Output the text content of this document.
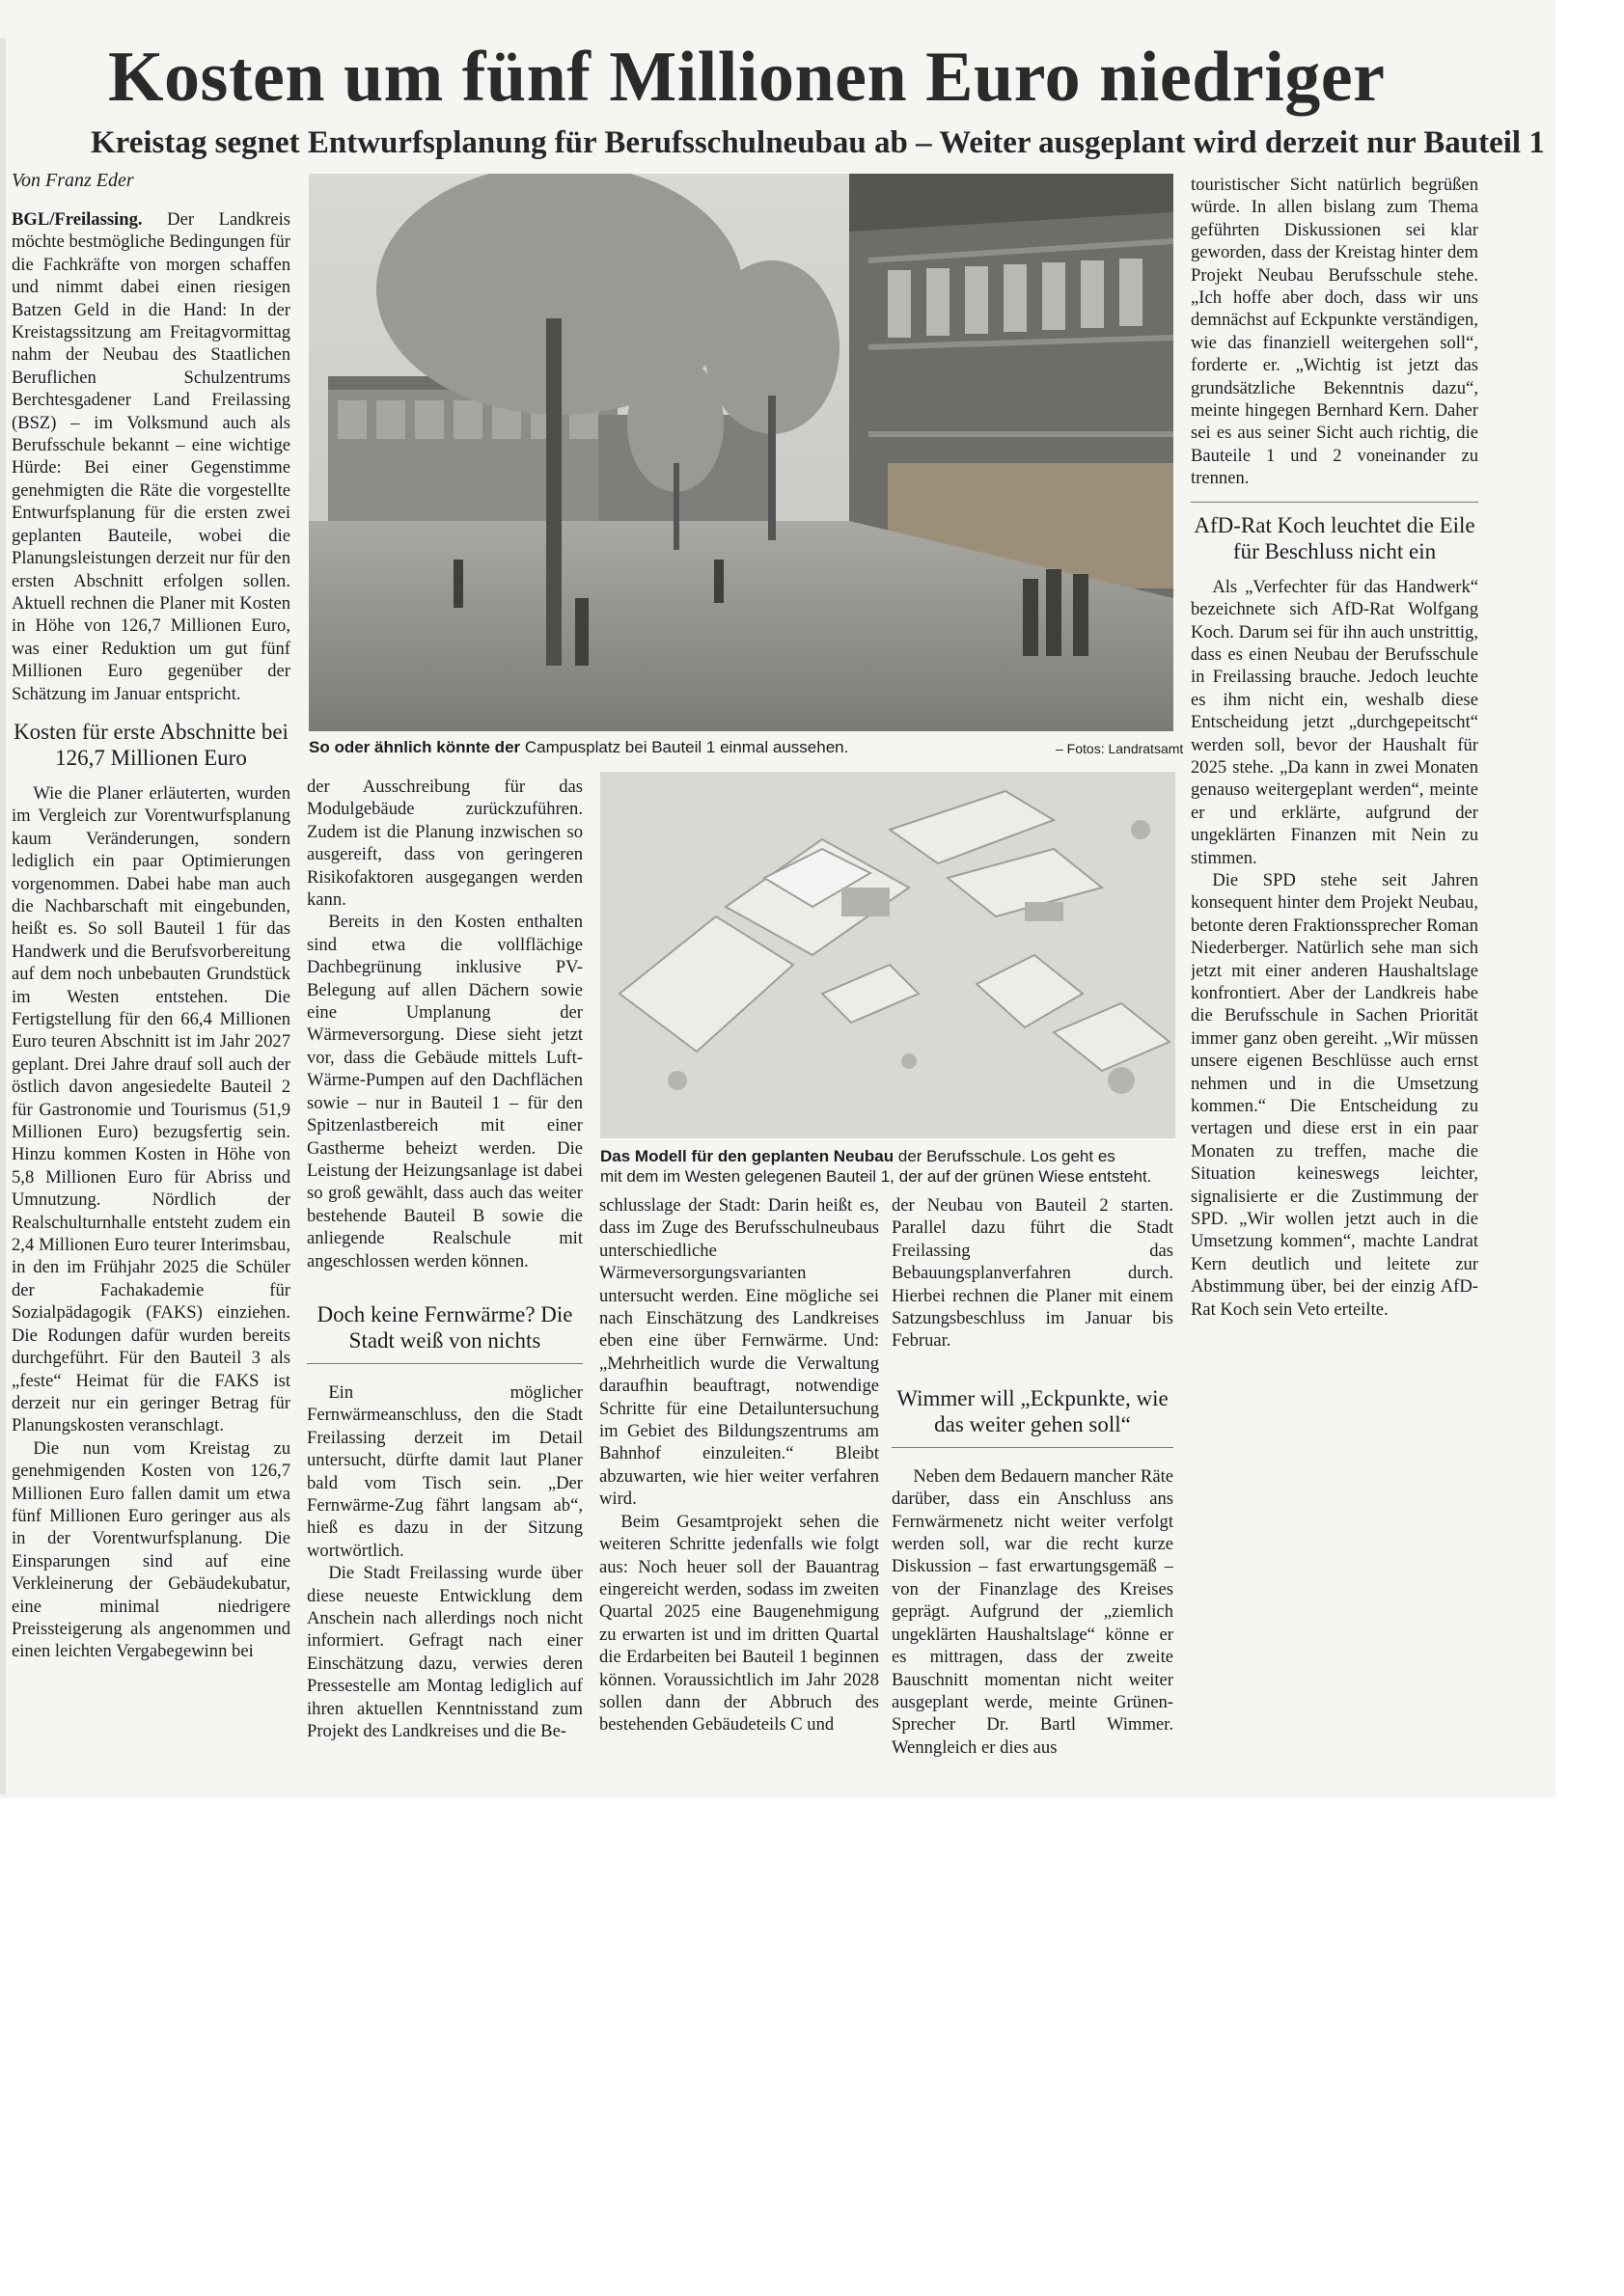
Kosten um fünf Millionen Euro niedriger
Kreistag segnet Entwurfsplanung für Berufsschulneubau ab – Weiter ausgeplant wird derzeit nur Bauteil 1
Von Franz Eder

BGL/Freilassing. Der Landkreis möchte bestmögliche Bedingungen für die Fachkräfte von morgen schaffen und nimmt dabei einen riesigen Batzen Geld in die Hand: In der Kreistagssitzung am Freitagvormittag nahm der Neubau des Staatlichen Beruflichen Schulzentrums Berchtesgadener Land Freilassing (BSZ) – im Volksmund auch als Berufsschule bekannt – eine wichtige Hürde: Bei einer Gegenstimme genehmigten die Räte die vorgestellte Entwurfsplanung für die ersten zwei geplanten Bauteile, wobei die Planungsleistungen derzeit nur für den ersten Abschnitt erfolgen sollen. Aktuell rechnen die Planer mit Kosten in Höhe von 126,7 Millionen Euro, was einer Reduktion um gut fünf Millionen Euro gegenüber der Schätzung im Januar entspricht.

Kosten für erste Abschnitte bei 126,7 Millionen Euro

Wie die Planer erläuterten, wurden im Vergleich zur Vorentwurfsplanung kaum Veränderungen, sondern lediglich ein paar Optimierungen vorgenommen. Dabei habe man auch die Nachbarschaft mit eingebunden, heißt es. So soll Bauteil 1 für das Handwerk und die Berufsvorbereitung auf dem noch unbebauten Grundstück im Westen entstehen. Die Fertigstellung für den 66,4 Millionen Euro teuren Abschnitt ist im Jahr 2027 geplant. Drei Jahre drauf soll auch der östlich davon angesiedelte Bauteil 2 für Gastronomie und Tourismus (51,9 Millionen Euro) bezugsfertig sein. Hinzu kommen Kosten in Höhe von 5,8 Millionen Euro für Abriss und Umnutzung. Nördlich der Realschulturnhalle entsteht zudem ein 2,4 Millionen Euro teurer Interimsbau, in den im Frühjahr 2025 die Schüler der Fachakademie für Sozialpädagogik (FAKS) einziehen. Die Rodungen dafür wurden bereits durchgeführt. Für den Bauteil 3 als „feste“ Heimat für die FAKS ist derzeit nur ein geringer Betrag für Planungskosten veranschlagt.

Die nun vom Kreistag zu genehmigenden Kosten von 126,7 Millionen Euro fallen damit um etwa fünf Millionen Euro geringer aus als in der Vorentwurfsplanung. Die Einsparungen sind auf eine Verkleinerung der Gebäudekubatur, eine minimal niedrigere Preissteigerung als angenommen und einen leichten Vergabegewinn bei

So oder ähnlich könnte der Campusplatz bei Bauteil 1 einmal aussehen.	– Fotos: Landratsamt

der Ausschreibung für das Modulgebäude zurückzuführen. Zudem ist die Planung inzwischen so ausgereift, dass von geringeren Risikofaktoren ausgegangen werden kann.

Bereits in den Kosten enthalten sind etwa die vollflächige Dachbegrünung inklusive PV-Belegung auf allen Dächern sowie eine Umplanung der Wärmeversorgung. Diese sieht jetzt vor, dass die Gebäude mittels Luft-Wärme-Pumpen auf den Dachflächen sowie – nur in Bauteil 1 – für den Spitzenlastbereich mit einer Gastherme beheizt werden. Die Leistung der Heizungsanlage ist dabei so groß gewählt, dass auch das weiter bestehende Bauteil B sowie die anliegende Realschule mit angeschlossen werden können.

Doch keine Fernwärme? Die Stadt weiß von nichts

Ein möglicher Fernwärmeanschluss, den die Stadt Freilassing derzeit im Detail untersucht, dürfte damit laut Planer bald vom Tisch sein. „Der Fernwärme-Zug fährt langsam ab“, hieß es dazu in der Sitzung wortwörtlich.

Die Stadt Freilassing wurde über diese neueste Entwicklung dem Anschein nach allerdings noch nicht informiert. Gefragt nach einer Einschätzung dazu, verwies deren Pressestelle am Montag lediglich auf ihren aktuellen Kenntnisstand zum Projekt des Landkreises und die Be-

Das Modell für den geplanten Neubau der Berufsschule. Los geht es
mit dem im Westen gelegenen Bauteil 1, der auf der grünen Wiese entsteht.

schlusslage der Stadt: Darin heißt es, dass im Zuge des Berufsschulneubaus unterschiedliche Wärmeversorgungsvarianten untersucht werden. Eine mögliche sei nach Einschätzung des Landkreises eben eine über Fernwärme. Und: „Mehrheitlich wurde die Verwaltung daraufhin beauftragt, notwendige Schritte für eine Detailuntersuchung im Gebiet des Bildungszentrums am Bahnhof einzuleiten.“ Bleibt abzuwarten, wie hier weiter verfahren wird.

Beim Gesamtprojekt sehen die weiteren Schritte jedenfalls wie folgt aus: Noch heuer soll der Bauantrag eingereicht werden, sodass im zweiten Quartal 2025 eine Baugenehmigung zu erwarten ist und im dritten Quartal die Erdarbeiten bei Bauteil 1 beginnen können. Voraussichtlich im Jahr 2028 sollen dann der Abbruch des bestehenden Gebäudeteils C und

der Neubau von Bauteil 2 starten. Parallel dazu führt die Stadt Freilassing das Bebauungsplanverfahren durch. Hierbei rechnen die Planer mit einem Satzungsbeschluss im Januar bis Februar.

Wimmer will „Eckpunkte, wie das weiter gehen soll“

Neben dem Bedauern mancher Räte darüber, dass ein Anschluss ans Fernwärmenetz nicht weiter verfolgt werden soll, war die recht kurze Diskussion – fast erwartungsgemäß – von der Finanzlage des Kreises geprägt. Aufgrund der „ziemlich ungeklärten Haushaltslage“ könne er es mittragen, dass der zweite Bauschnitt momentan nicht weiter ausgeplant werde, meinte Grünen-Sprecher Dr. Bartl Wimmer. Wenngleich er dies aus

touristischer Sicht natürlich begrüßen würde. In allen bislang zum Thema geführten Diskussionen sei klar geworden, dass der Kreistag hinter dem Projekt Neubau Berufsschule stehe. „Ich hoffe aber doch, dass wir uns demnächst auf Eckpunkte verständigen, wie das finanziell weitergehen soll“, forderte er. „Wichtig ist jetzt das grundsätzliche Bekenntnis dazu“, meinte hingegen Bernhard Kern. Daher sei es aus seiner Sicht auch richtig, die Bauteile 1 und 2 voneinander zu trennen.

AfD-Rat Koch leuchtet die Eile für Beschluss nicht ein

Als „Verfechter für das Handwerk“ bezeichnete sich AfD-Rat Wolfgang Koch. Darum sei für ihn auch unstrittig, dass es einen Neubau der Berufsschule in Freilassing brauche. Jedoch leuchte es ihm nicht ein, weshalb diese Entscheidung jetzt „durchgepeitscht“ werden soll, bevor der Haushalt für 2025 stehe. „Da kann in zwei Monaten genauso weitergeplant werden“, meinte er und erklärte, aufgrund der ungeklärten Finanzen mit Nein zu stimmen.

Die SPD stehe seit Jahren konsequent hinter dem Projekt Neubau, betonte deren Fraktionssprecher Roman Niederberger. Natürlich sehe man sich jetzt mit einer anderen Haushaltslage konfrontiert. Aber der Landkreis habe die Berufsschule in Sachen Priorität immer ganz oben gereiht. „Wir müssen unsere eigenen Beschlüsse auch ernst nehmen und in die Umsetzung kommen.“ Die Entscheidung zu vertagen und diese erst in ein paar Monaten zu treffen, mache die Situation keineswegs leichter, signalisierte er die Zustimmung der SPD. „Wir wollen jetzt auch in die Umsetzung kommen“, machte Landrat Kern deutlich und leitete zur Abstimmung über, bei der einzig AfD-Rat Koch sein Veto erteilte.
